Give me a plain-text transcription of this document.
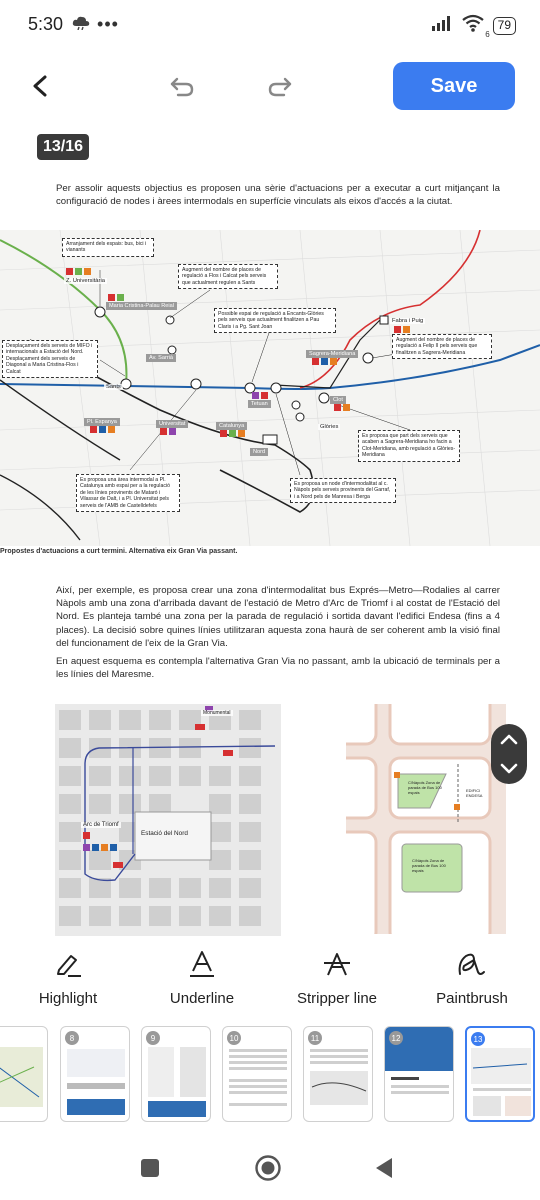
5:30 •••
6
79
Save
13/16

Per assolir aquests objectius es proposen una sèrie d'actuacions per a executar a curt mitjançant la configuració de nodes i àrees intermodals en superfície vinculats als eixos d'accés a la ciutat.

Arranjament dels espais: bus, bici i vianants
Augment del nombre de places de regulació a Flos i Calcat pels serveis que actualment regulen a Sants
Possible espai de regulació a Encants-Glòries pels serveis que actualment finalitzen a Pau Claris i a Pg. Sant Joan
Desplaçament dels serveis de MIFO i internacionals a Estació del Nord. Desplaçament dels serveis de Diagonal a Maria Cristina-Flos i Calcat
Augment del nombre de places de regulació a Felip II pels serveis que finalitzen a Sagrera-Meridiana
Es proposa que part dels serveis que acaben a Sagrera-Meridiana ho facin a Clot-Meridiana, amb regulació a Glòries-Meridiana
Es proposa una àrea intermodal a Pl. Catalunya amb espai per a la regulació de les línies provinents de Mataró i Vilassar de Dalt, i a Pl. Universitat pels serveis de l'AMB de Castelldefels
Es proposa un node d'intermodalitat al c. Nàpols pels serveis provinents del Garraf, i a Nord pels de Manresa i Berga
Z. Universitària
Maria Cristina-Palau Reial
Av. Sarrià
Sants
Pl. Espanya	Universitat	Catalunya
Nord
Tetuan
Glòries
Clot
Sagrera-Meridiana
Fabra i Puig
Propostes d'actuacions a curt termini. Alternativa eix Gran Via passant.

Així, per exemple, es proposa crear una zona d'intermodalitat bus Exprés—Metro—Rodalies al carrer Nàpols amb una zona d'arribada davant de l'estació de Metro d'Arc de Triomf i al costat de l'Estació del Nord. Es planteja també una zona per la parada de regulació i sortida davant l'edifici Endesa (fins a 4 places). La decisió sobre quines línies utilitzaran aquesta zona haurà de ser coherent amb la visió final del funcionament de l'eix de la Gran Via.

En aquest esquema es contempla l'alternativa Gran Via no passant, amb la ubicació de terminals per a les línies del Maresme.

Monumental
Arc de Triomf
Estació del Nord
C/Nàpols Zona de parada de Bus 100 espais
C/Nàpols Zona de parada de Bus 100 espais
EDIFICI ENDESA
Highlight	Underline	Stripper line	Paintbrush
8	9	10	11	12	13
